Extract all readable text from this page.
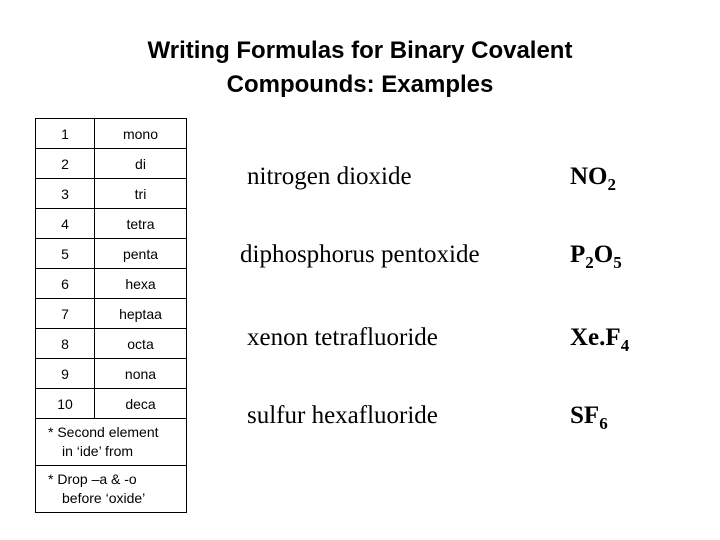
Writing Formulas for Binary Covalent
Compounds: Examples
1	mono
2	di
3	tri
4	tetra
5	penta
6	hexa
7	heptaa
8	octa
9	nona
10	deca

* Second element
in ‘ide’ from	

* Drop –a & -o
before ‘oxide’	
nitrogen dioxide	$NO_2$
diphosphorus pentoxide	$P_2O_5$
xenon tetrafluoride	$Xe.F_4$
sulfur hexafluoride	$SF_6$
